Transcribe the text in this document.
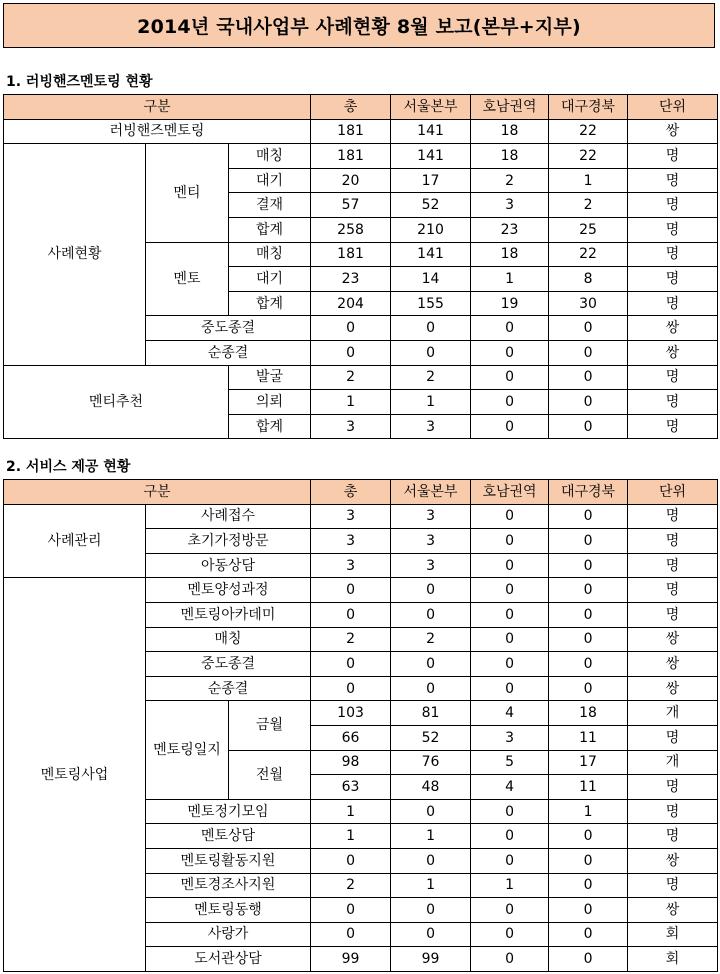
2014년 국내사업부 사례현황 8월 보고(본부+지부)
1. 러빙핸즈멘토링 현황
구분			총	서울본부	호남권역	대구경북	단위
러빙핸즈멘토링			181	141	18	22	쌍
사례현황	멘티	매칭	181	141	18	22	명
		대기	20	17	2	1	명
		결재	57	52	3	2	명
		합계	258	210	23	25	명
	멘토	매칭	181	141	18	22	명
		대기	23	14	1	8	명
		합계	204	155	19	30	명
	중도종결		0	0	0	0	쌍
	순종결		0	0	0	0	쌍
멘티추천		발굴	2	2	0	0	명
		의뢰	1	1	0	0	명
		합계	3	3	0	0	명
2. 서비스 제공 현황
구분			총	서울본부	호남권역	대구경북	단위
사례관리	사례접수		3	3	0	0	명
	초기가정방문		3	3	0	0	명
	아동상담		3	3	0	0	명
멘토링사업	멘토양성과정		0	0	0	0	명
	멘토링아카데미		0	0	0	0	명
	매칭		2	2	0	0	쌍
	중도종결		0	0	0	0	쌍
	순종결		0	0	0	0	쌍
	멘토링일지	금월	103	81	4	18	개
			66	52	3	11	명
		전월	98	76	5	17	개
			63	48	4	11	명
	멘토정기모임		1	0	0	1	명
	멘토상담		1	1	0	0	명
	멘토링활동지원		0	0	0	0	쌍
	멘토경조사지원		2	1	1	0	명
	멘토링동행		0	0	0	0	쌍
	사랑가		0	0	0	0	회
	도서관상담		99	99	0	0	회
